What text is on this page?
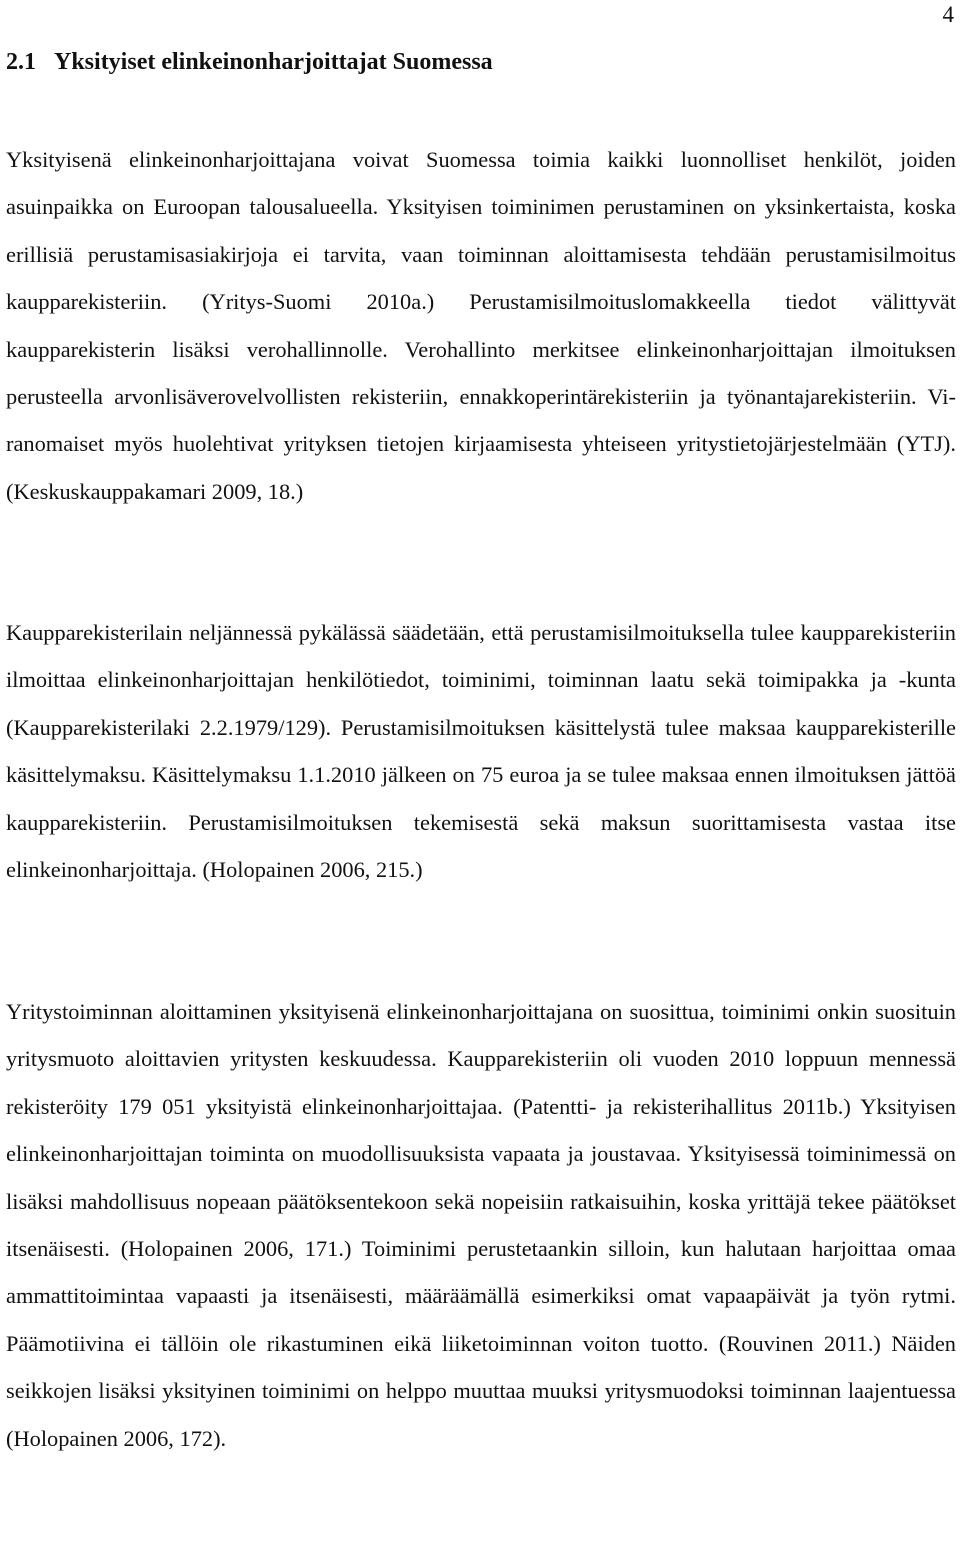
4
2.1 Yksityiset elinkeinonharjoittajat Suomessa

Yksityisenä elinkeinonharjoittajana voivat Suomessa toimia kaikki luonnolliset henkilöt, joiden asuinpaikka on Euroopan talousalueella. Yksityisen toiminimen perustaminen on yksinkertaista, koska erillisiä perustamisasiakirjoja ei tarvita, vaan toiminnan aloittamisesta tehdään perustamisilmoitus kaupparekisteriin. (Yritys-Suomi 2010a.) Perustamisilmoituslomakkeella tiedot välittyvät kaupparekisterin lisäksi verohallinnolle. Verohallinto merkitsee elinkeinonharjoittajan ilmoituksen perusteella arvonlisäverovelvollisten rekisteriin, ennakkoperintärekisteriin ja työnantajarekisteriin. Viranomaiset myös huolehtivat yrityksen tietojen kirjaamisesta yhteiseen yritystietojärjestelmään (YTJ). (Keskuskauppakamari 2009, 18.)

Kaupparekisterilain neljännessä pykälässä säädetään, että perustamisilmoituksella tulee kaupparekisteriin ilmoittaa elinkeinonharjoittajan henkilötiedot, toiminimi, toiminnan laatu sekä toimipakka ja -kunta (Kaupparekisterilaki 2.2.1979/129). Perustamisilmoituksen käsittelystä tulee maksaa kaupparekisterille käsittelymaksu. Käsittelymaksu 1.1.2010 jälkeen on 75 euroa ja se tulee maksaa ennen ilmoituksen jättöä kaupparekisteriin. Perustamisilmoituksen tekemisestä sekä maksun suorittamisesta vastaa itse elinkeinonharjoittaja. (Holopainen 2006, 215.)

Yritystoiminnan aloittaminen yksityisenä elinkeinonharjoittajana on suosittua, toiminimi onkin suosituin yritysmuoto aloittavien yritysten keskuudessa. Kaupparekisteriin oli vuoden 2010 loppuun mennessä rekisteröity 179 051 yksityistä elinkeinonharjoittajaa. (Patentti- ja rekisterihallitus 2011b.) Yksityisen elinkeinonharjoittajan toiminta on muodollisuuksista vapaata ja joustavaa. Yksityisessä toiminimessä on lisäksi mahdollisuus nopeaan päätöksentekoon sekä nopeisiin ratkaisuihin, koska yrittäjä tekee päätökset itsenäisesti. (Holopainen 2006, 171.) Toiminimi perustetaankin silloin, kun halutaan harjoittaa omaa ammattitoimintaa vapaasti ja itsenäisesti, määräämällä esimerkiksi omat vapaapäivät ja työn rytmi. Päämotiivina ei tällöin ole rikastuminen eikä liiketoiminnan voiton tuotto. (Rouvinen 2011.) Näiden seikkojen lisäksi yksityinen toiminimi on helppo muuttaa muuksi yritysmuodoksi toiminnan laajentuessa (Holopainen 2006, 172).
